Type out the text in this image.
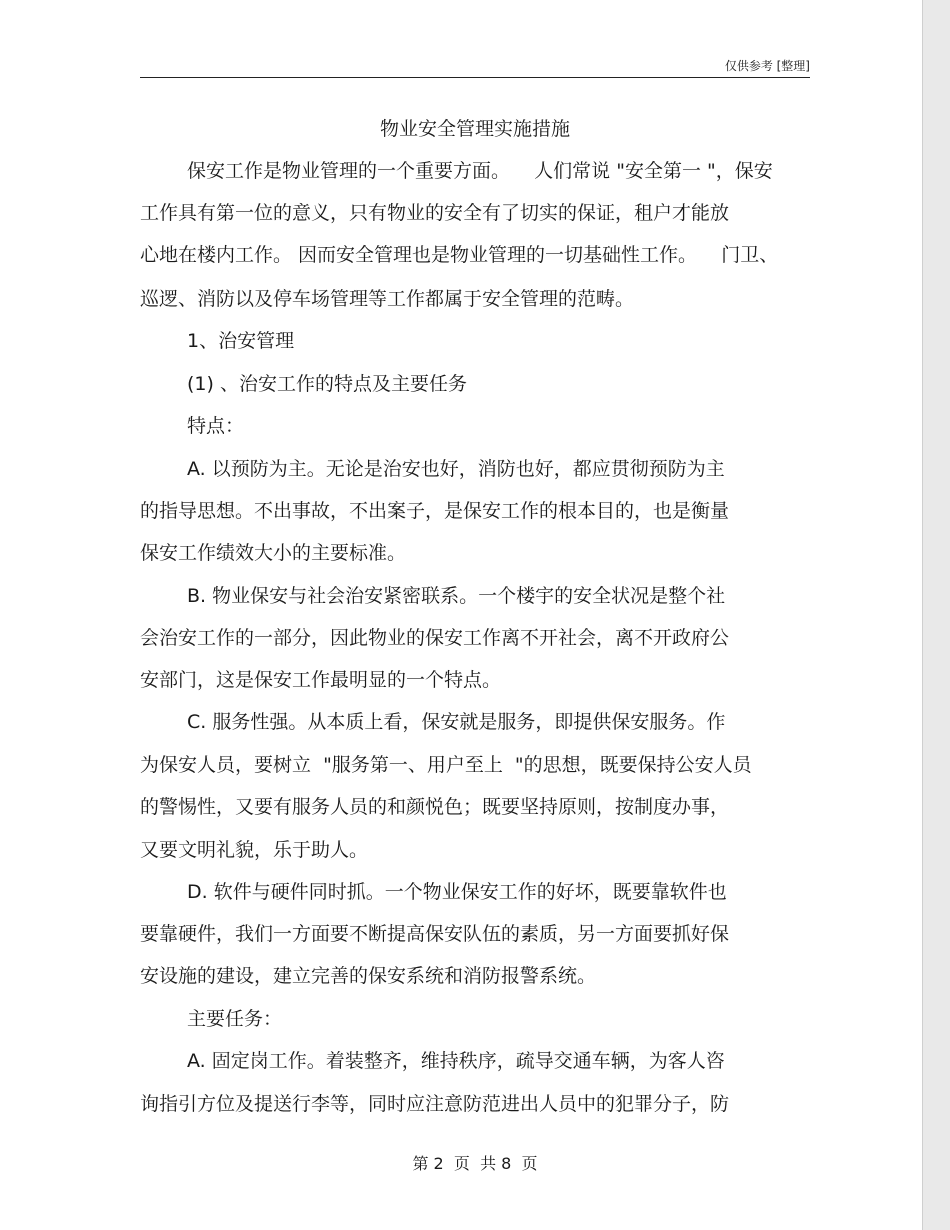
仅供参考 [整理]
物业安全管理实施措施
保安工作是物业管理的一个重要方面。    人们常说 "安全第一 "，保安
工作具有第一位的意义，只有物业的安全有了切实的保证，租户才能放
心地在楼内工作。 因而安全管理也是物业管理的一切基础性工作。    门卫、
巡逻、消防以及停车场管理等工作都属于安全管理的范畴。
1、治安管理
(1) 、治安工作的特点及主要任务
特点：
A. 以预防为主。无论是治安也好，消防也好，都应贯彻预防为主
的指导思想。不出事故，不出案子，是保安工作的根本目的，也是衡量
保安工作绩效大小的主要标准。
B. 物业保安与社会治安紧密联系。一个楼宇的安全状况是整个社
会治安工作的一部分，因此物业的保安工作离不开社会，离不开政府公
安部门，这是保安工作最明显的一个特点。
C. 服务性强。从本质上看，保安就是服务，即提供保安服务。作
为保安人员，要树立  "服务第一、用户至上  "的思想，既要保持公安人员
的警惕性，又要有服务人员的和颜悦色；既要坚持原则，按制度办事，
又要文明礼貌，乐于助人。
D. 软件与硬件同时抓。一个物业保安工作的好坏，既要靠软件也
要靠硬件，我们一方面要不断提高保安队伍的素质，另一方面要抓好保
安设施的建设，建立完善的保安系统和消防报警系统。
主要任务：
A. 固定岗工作。着装整齐，维持秩序，疏导交通车辆，为客人咨
询指引方位及提送行李等，同时应注意防范进出人员中的犯罪分子，防
第 2  页  共 8  页
